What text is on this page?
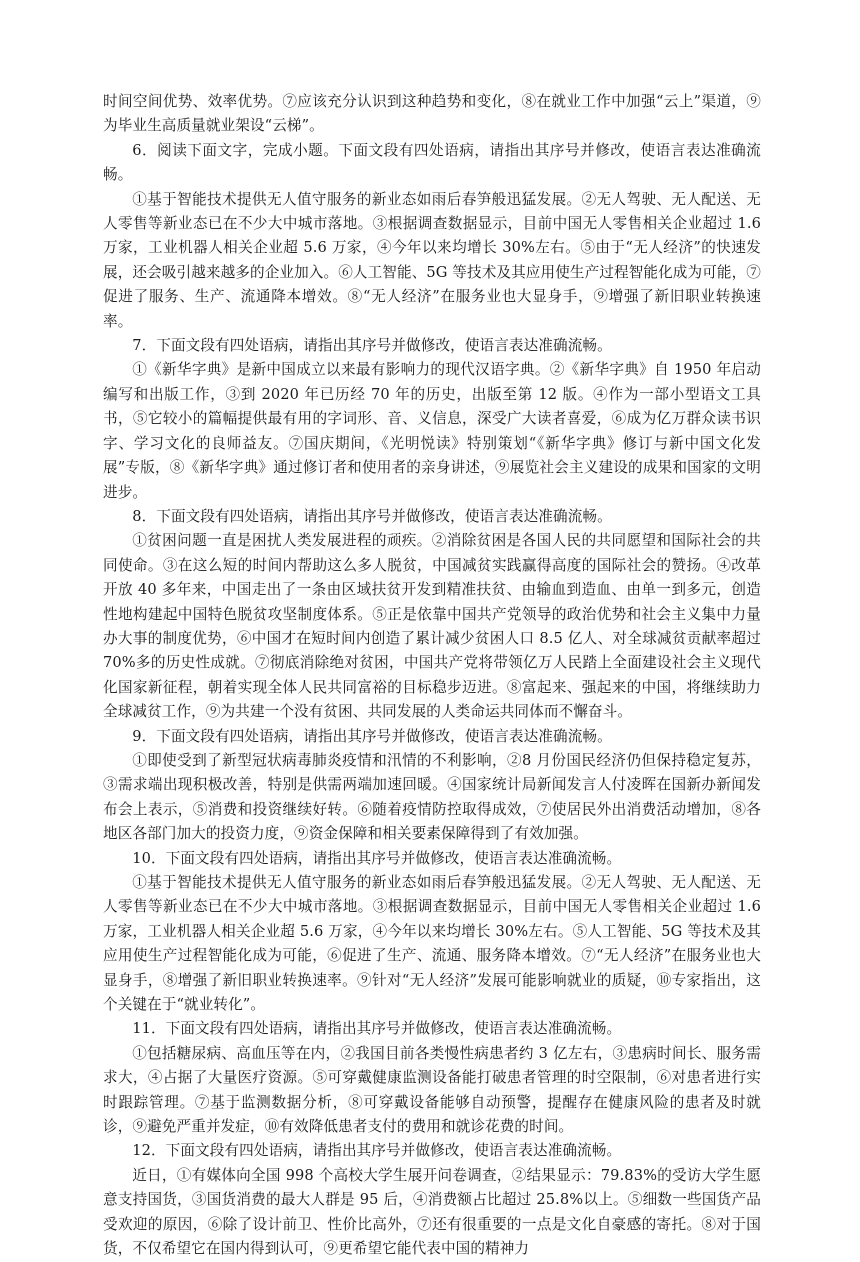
时间空间优势、效率优势。⑦应该充分认识到这种趋势和变化，⑧在就业工作中加强“云上”渠道，⑨为毕业生高质量就业架设“云梯”。

6．阅读下面文字，完成小题。下面文段有四处语病，请指出其序号并修改，使语言表达准确流畅。

①基于智能技术提供无人值守服务的新业态如雨后春笋般迅猛发展。②无人驾驶、无人配送、无人零售等新业态已在不少大中城市落地。③根据调查数据显示，目前中国无人零售相关企业超过 1.6 万家，工业机器人相关企业超 5.6 万家，④今年以来均增长 30%左右。⑤由于“无人经济”的快速发展，还会吸引越来越多的企业加入。⑥人工智能、5G 等技术及其应用使生产过程智能化成为可能，⑦促进了服务、生产、流通降本增效。⑧“无人经济”在服务业也大显身手，⑨增强了新旧职业转换速率。

7．下面文段有四处语病，请指出其序号并做修改，使语言表达准确流畅。

①《新华字典》是新中国成立以来最有影响力的现代汉语字典。②《新华字典》自 1950 年启动编写和出版工作，③到 2020 年已历经 70 年的历史，出版至第 12 版。④作为一部小型语文工具书，⑤它较小的篇幅提供最有用的字词形、音、义信息，深受广大读者喜爱，⑥成为亿万群众读书识字、学习文化的良师益友。⑦国庆期间，《光明悦读》特别策划“《新华字典》修订与新中国文化发展”专版，⑧《新华字典》通过修订者和使用者的亲身讲述，⑨展览社会主义建设的成果和国家的文明进步。

8．下面文段有四处语病，请指出其序号并做修改，使语言表达准确流畅。

①贫困问题一直是困扰人类发展进程的顽疾。②消除贫困是各国人民的共同愿望和国际社会的共同使命。③在这么短的时间内帮助这么多人脱贫，中国减贫实践赢得高度的国际社会的赞扬。④改革开放 40 多年来，中国走出了一条由区域扶贫开发到精准扶贫、由输血到造血、由单一到多元，创造性地构建起中国特色脱贫攻坚制度体系。⑤正是依靠中国共产党领导的政治优势和社会主义集中力量办大事的制度优势，⑥中国才在短时间内创造了累计减少贫困人口 8.5 亿人、对全球减贫贡献率超过 70%多的历史性成就。⑦彻底消除绝对贫困，中国共产党将带领亿万人民踏上全面建设社会主义现代化国家新征程，朝着实现全体人民共同富裕的目标稳步迈进。⑧富起来、强起来的中国，将继续助力全球减贫工作，⑨为共建一个没有贫困、共同发展的人类命运共同体而不懈奋斗。

9．下面文段有四处语病，请指出其序号并做修改，使语言表达准确流畅。

①即使受到了新型冠状病毒肺炎疫情和汛情的不利影响，②8 月份国民经济仍但保持稳定复苏，③需求端出现积极改善，特别是供需两端加速回暖。④国家统计局新闻发言人付凌晖在国新办新闻发布会上表示，⑤消费和投资继续好转。⑥随着疫情防控取得成效，⑦使居民外出消费活动增加，⑧各地区各部门加大的投资力度，⑨资金保障和相关要素保障得到了有效加强。

10．下面文段有四处语病，请指出其序号并做修改，使语言表达准确流畅。

①基于智能技术提供无人值守服务的新业态如雨后春笋般迅猛发展。②无人驾驶、无人配送、无人零售等新业态已在不少大中城市落地。③根据调查数据显示，目前中国无人零售相关企业超过 1.6 万家，工业机器人相关企业超 5.6 万家，④今年以来均增长 30%左右。⑤人工智能、5G 等技术及其应用使生产过程智能化成为可能，⑥促进了生产、流通、服务降本增效。⑦“无人经济”在服务业也大显身手，⑧增强了新旧职业转换速率。⑨针对“无人经济”发展可能影响就业的质疑，⑩专家指出，这个关键在于“就业转化”。

11．下面文段有四处语病，请指出其序号并做修改，使语言表达准确流畅。

①包括糖尿病、高血压等在内，②我国目前各类慢性病患者约 3 亿左右，③患病时间长、服务需求大，④占据了大量医疗资源。⑤可穿戴健康监测设备能打破患者管理的时空限制，⑥对患者进行实时跟踪管理。⑦基于监测数据分析，⑧可穿戴设备能够自动预警，提醒存在健康风险的患者及时就诊，⑨避免严重并发症，⑩有效降低患者支付的费用和就诊花费的时间。

12．下面文段有四处语病，请指出其序号并做修改，使语言表达准确流畅。

近日，①有媒体向全国 998 个高校大学生展开问卷调查，②结果显示：79.83%的受访大学生愿意支持国货，③国货消费的最大人群是 95 后，④消费额占比超过 25.8%以上。⑤细数一些国货产品受欢迎的原因，⑥除了设计前卫、性价比高外，⑦还有很重要的一点是文化自豪感的寄托。⑧对于国货，不仅希望它在国内得到认可，⑨更希望它能代表中国的精神力
